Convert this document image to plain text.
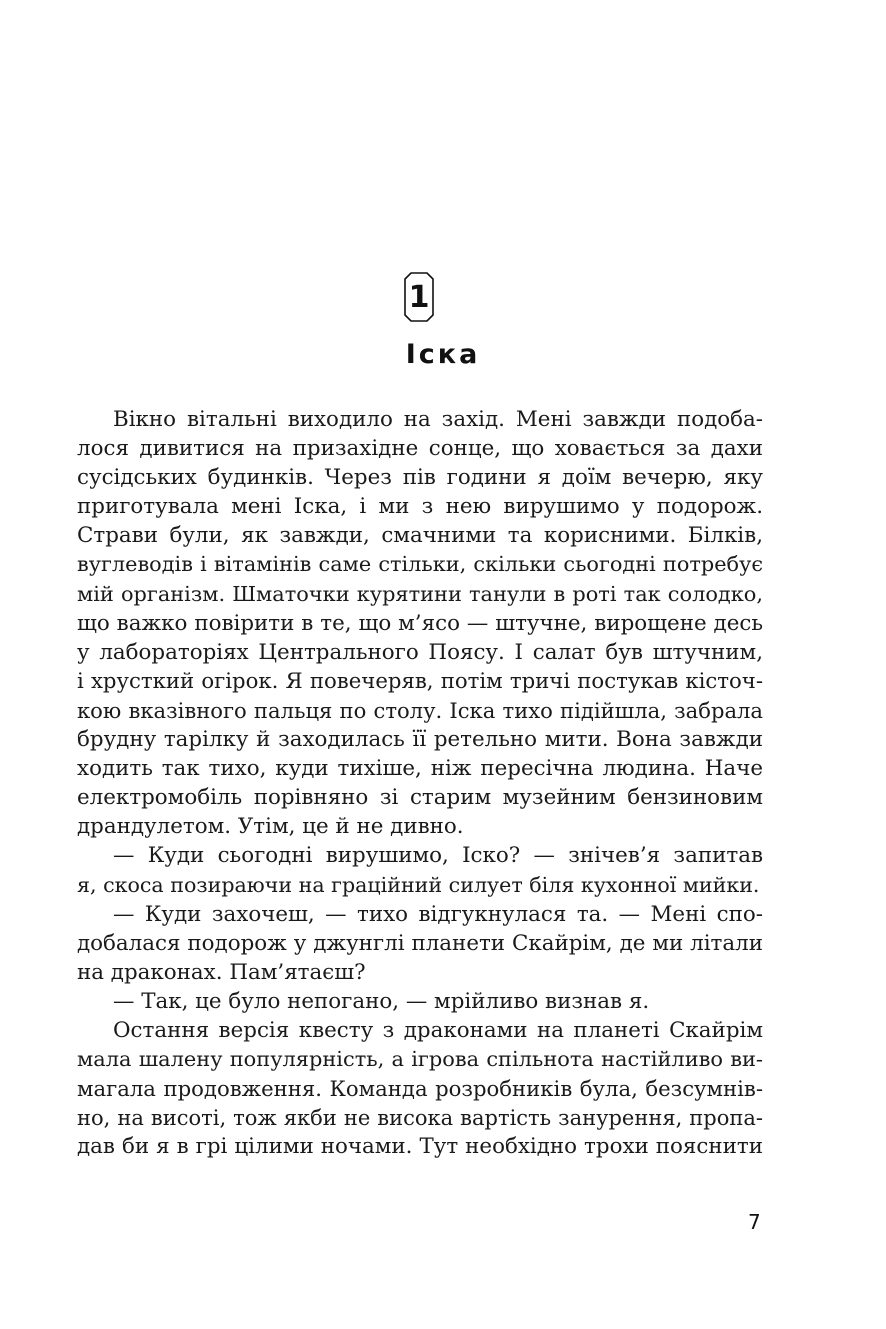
1
Іска
Вікно вітальні виходило на захід. Мені завжди подоба-
лося дивитися на призахідне сонце, що ховається за дахи
сусідських будинків. Через пів години я доїм вечерю, яку
приготувала мені Іска, і ми з нею вирушимо у подорож.
Страви були, як завжди, смачними та корисними. Білків,
вуглеводів і вітамінів саме стільки, скільки сьогодні потребує
мій організм. Шматочки курятини танули в роті так солодко,
що важко повірити в те, що м’ясо — штучне, вирощене десь
у лабораторіях Центрального Поясу. І салат був штучним,
і хрусткий огірок. Я повечеряв, потім тричі постукав кісточ-
кою вказівного пальця по столу. Іска тихо підійшла, забрала
брудну тарілку й заходилась її ретельно мити. Вона завжди
ходить так тихо, куди тихіше, ніж пересічна людина. Наче
електромобіль порівняно зі старим музейним бензиновим
драндулетом. Утім, це й не дивно.
— Куди сьогодні вирушимо, Іско? — знічев’я запитав
я, скоса позираючи на граційний силует біля кухонної мийки.
— Куди захочеш, — тихо відгукнулася та. — Мені спо-
добалася подорож у джунглі планети Скайрім, де ми літали
на драконах. Пам’ятаєш?
— Так, це було непогано, — мрійливо визнав я.
Остання версія квесту з драконами на планеті Скайрім
мала шалену популярність, а ігрова спільнота настійливо ви-
магала продовження. Команда розробників була, безсумнів-
но, на висоті, тож якби не висока вартість занурення, пропа-
дав би я в грі цілими ночами. Тут необхідно трохи пояснити
7
